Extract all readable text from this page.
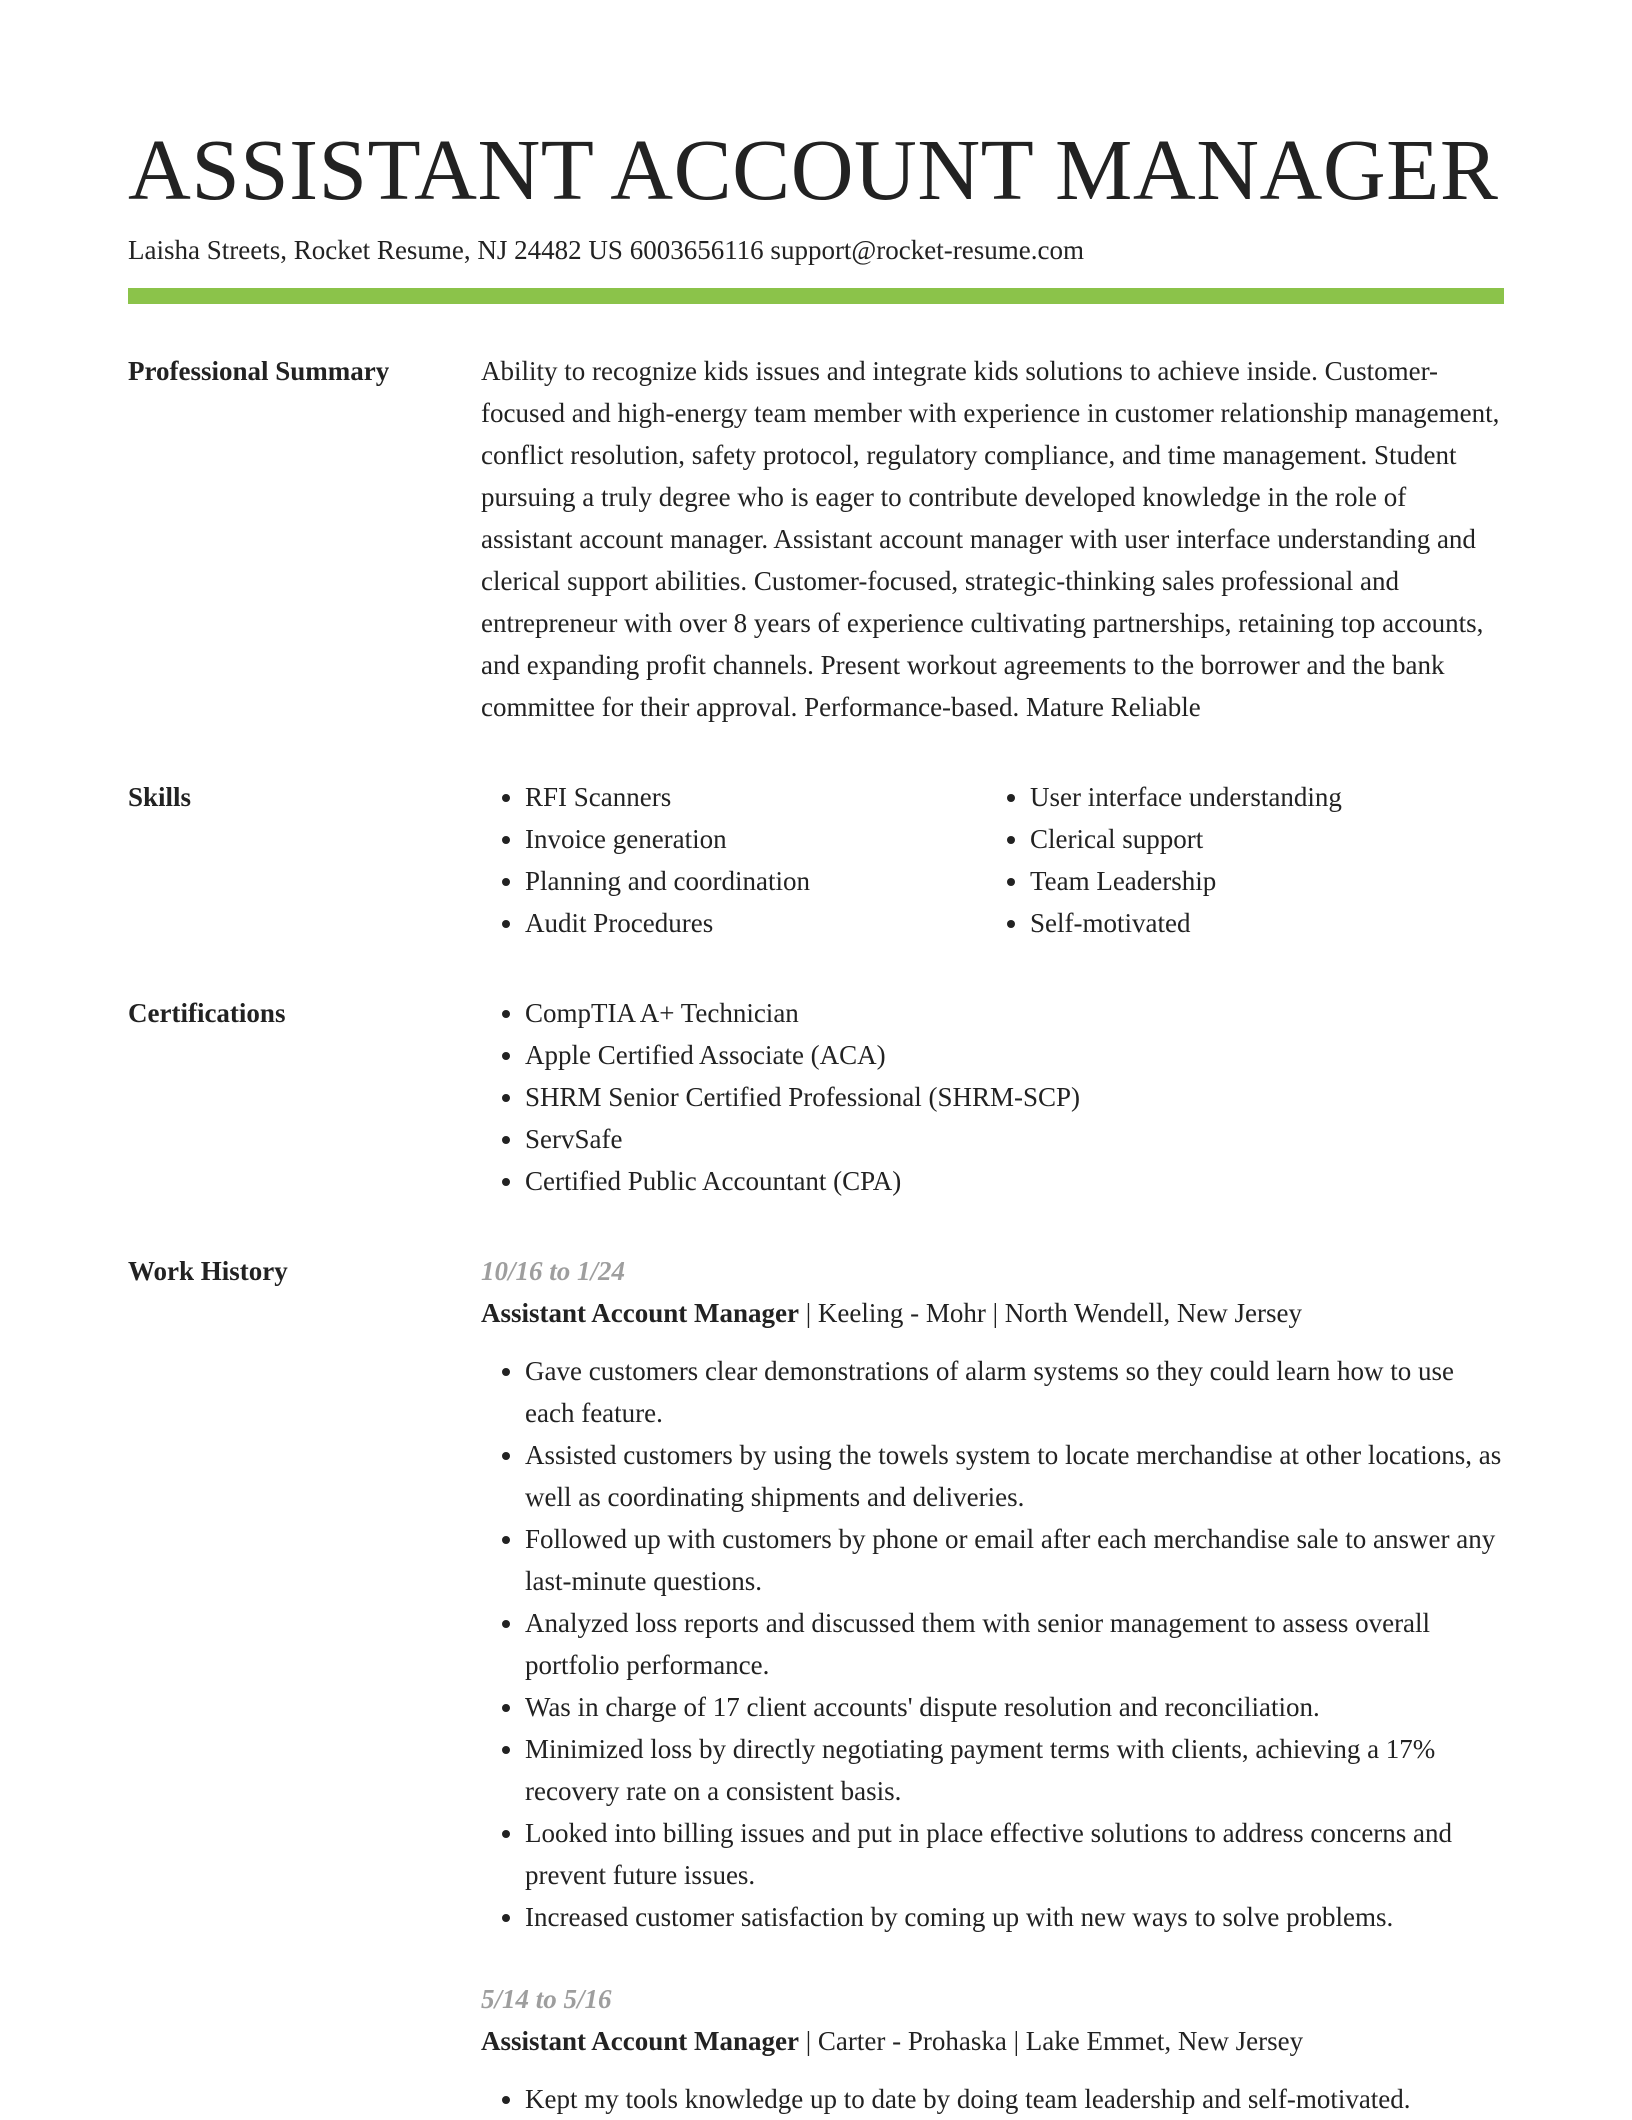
ASSISTANT ACCOUNT MANAGER
Laisha Streets, Rocket Resume, NJ 24482 US 6003656116 support@rocket-resume.com
Professional Summary	Ability to recognize kids issues and integrate kids solutions to achieve inside. Customer-focused and high-energy team member with experience in customer relationship management, conflict resolution, safety protocol, regulatory compliance, and time management. Student pursuing a truly degree who is eager to contribute developed knowledge in the role of assistant account manager. Assistant account manager with user interface understanding and clerical support abilities. Customer-focused, strategic-thinking sales professional and entrepreneur with over 8 years of experience cultivating partnerships, retaining top accounts, and expanding profit channels. Present workout agreements to the borrower and the bank committee for their approval. Performance-based. Mature Reliable

Skills	• RFI Scanners
• Invoice generation
• Planning and coordination
• Audit Procedures
• User interface understanding
• Clerical support
• Team Leadership
• Self-motivated
Certifications	• CompTIA A+ Technician
• Apple Certified Associate (ACA)
• SHRM Senior Certified Professional (SHRM-SCP)
• ServSafe
• Certified Public Accountant (CPA)
Work History	10/16 to 1/24
Assistant Account Manager | Keeling - Mohr | North Wendell, New Jersey
• Gave customers clear demonstrations of alarm systems so they could learn how to use each feature.
• Assisted customers by using the towels system to locate merchandise at other locations, as well as coordinating shipments and deliveries.
• Followed up with customers by phone or email after each merchandise sale to answer any last-minute questions.
• Analyzed loss reports and discussed them with senior management to assess overall portfolio performance.
• Was in charge of 17 client accounts' dispute resolution and reconciliation.
• Minimized loss by directly negotiating payment terms with clients, achieving a 17% recovery rate on a consistent basis.
• Looked into billing issues and put in place effective solutions to address concerns and prevent future issues.
• Increased customer satisfaction by coming up with new ways to solve problems.
5/14 to 5/16
Assistant Account Manager | Carter - Prohaska | Lake Emmet, New Jersey
• Kept my tools knowledge up to date by doing team leadership and self-motivated.
